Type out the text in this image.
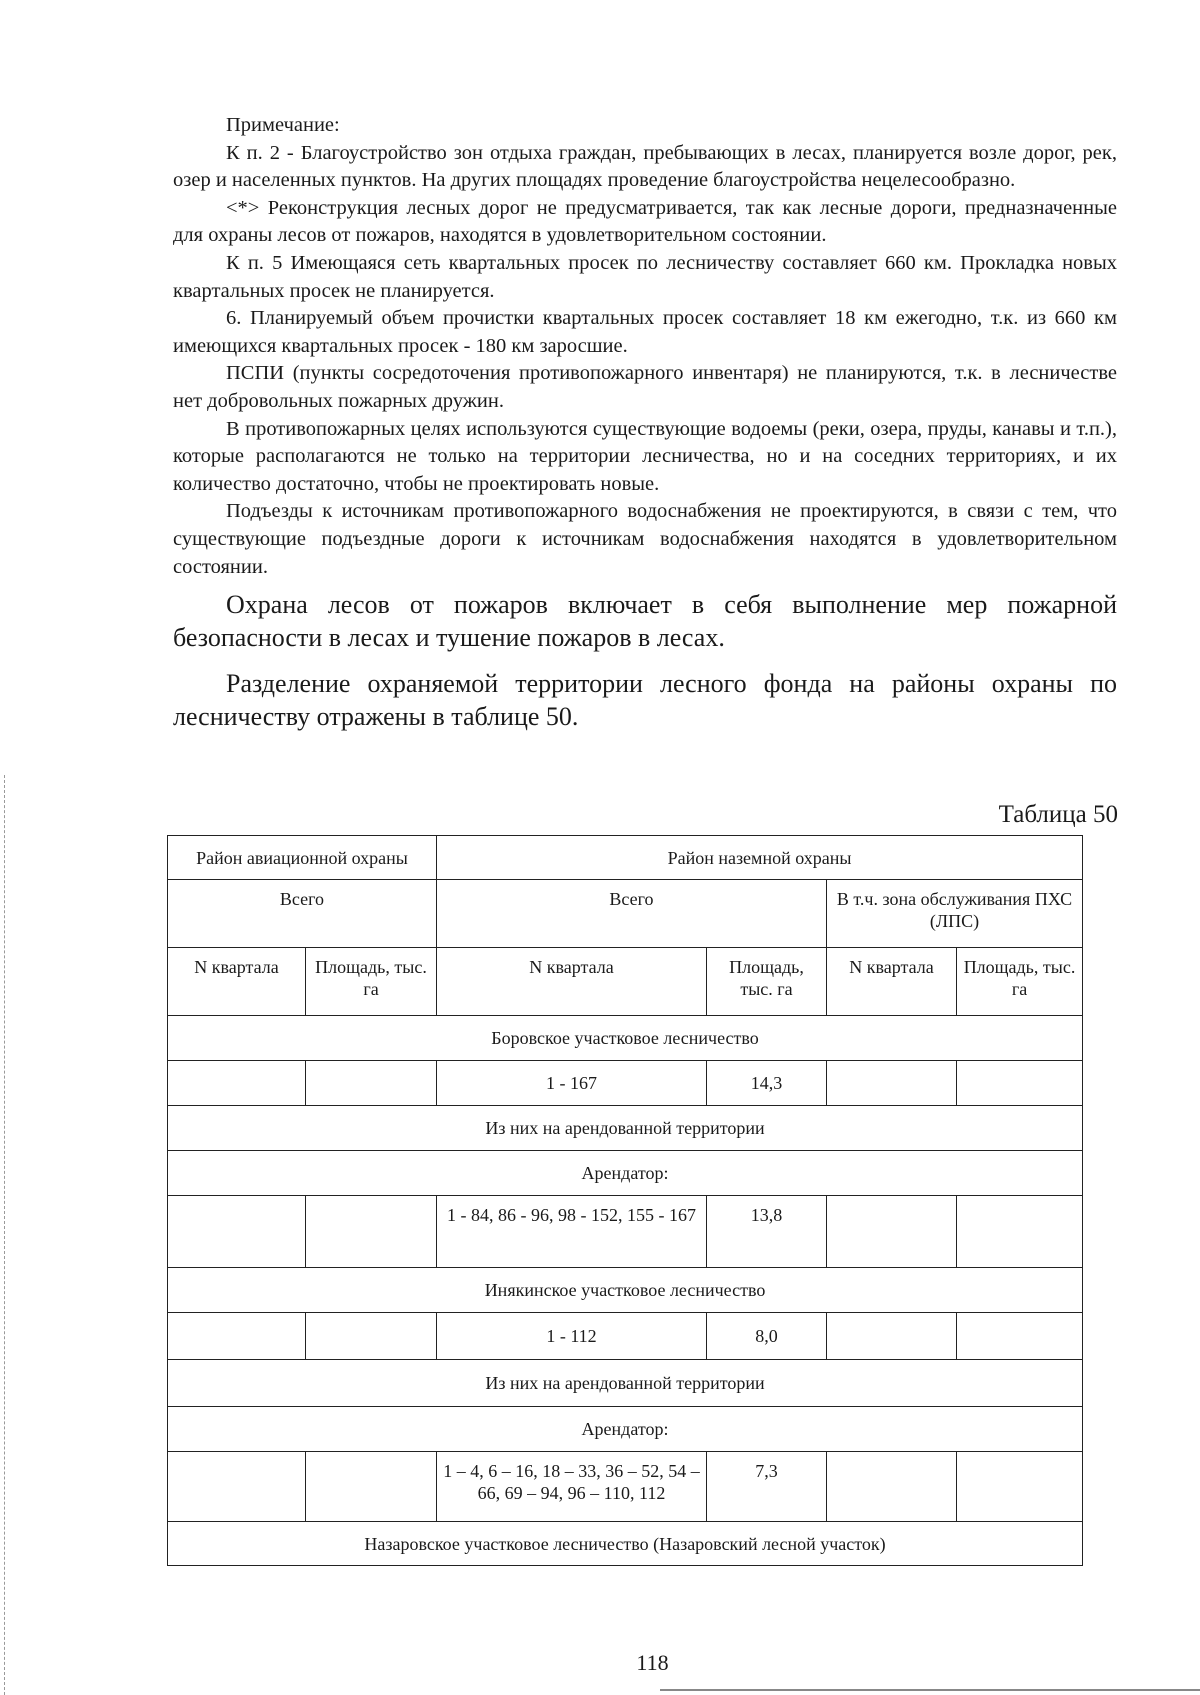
Примечание:

К п. 2 - Благоустройство зон отдыха граждан, пребывающих в лесах, планируется возле дорог, рек, озер и населенных пунктов. На других площадях проведение благоустройства нецелесообразно.

<*> Реконструкция лесных дорог не предусматривается, так как лесные дороги, предназначенные для охраны лесов от пожаров, находятся в удовлетворительном состоянии.

К п. 5 Имеющаяся сеть квартальных просек по лесничеству составляет 660 км. Прокладка новых квартальных просек не планируется.

6. Планируемый объем прочистки квартальных просек составляет 18 км ежегодно, т.к. из 660 км имеющихся квартальных просек - 180 км заросшие.

ПСПИ (пункты сосредоточения противопожарного инвентаря) не планируются, т.к. в лесничестве нет добровольных пожарных дружин.

В противопожарных целях используются существующие водоемы (реки, озера, пруды, канавы и т.п.), которые располагаются не только на территории лесничества, но и на соседних территориях, и их количество достаточно, чтобы не проектировать новые.

Подъезды к источникам противопожарного водоснабжения не проектируются, в связи с тем, что существующие подъездные дороги к источникам водоснабжения находятся в удовлетворительном состоянии.

Охрана лесов от пожаров включает в себя выполнение мер пожарной безопасности в лесах и тушение пожаров в лесах.

Разделение охраняемой территории лесного фонда на районы охраны по лесничеству отражены в таблице 50.

Таблица 50
Район авиационной охраны		Район наземной охраны			
Всего		Всего		В т.ч. зона обслуживания ПХС (ЛПС)	
N квартала	Площадь, тыс. га	N квартала	Площадь, тыс. га	N квартала	Площадь, тыс. га
Боровское участковое лесничество					
		1 - 167	14,3		
Из них на арендованной территории					
Арендатор:					
		1 - 84, 86 - 96, 98 - 152, 155 - 167	13,8		
Инякинское участковое лесничество					
		1 - 112	8,0		
Из них на арендованной территории					
Арендатор:					
		1 – 4, 6 – 16, 18 – 33, 36 – 52, 54 – 66, 69 – 94, 96 – 110, 112	7,3		
Назаровское участковое лесничество (Назаровский лесной участок)					
118
